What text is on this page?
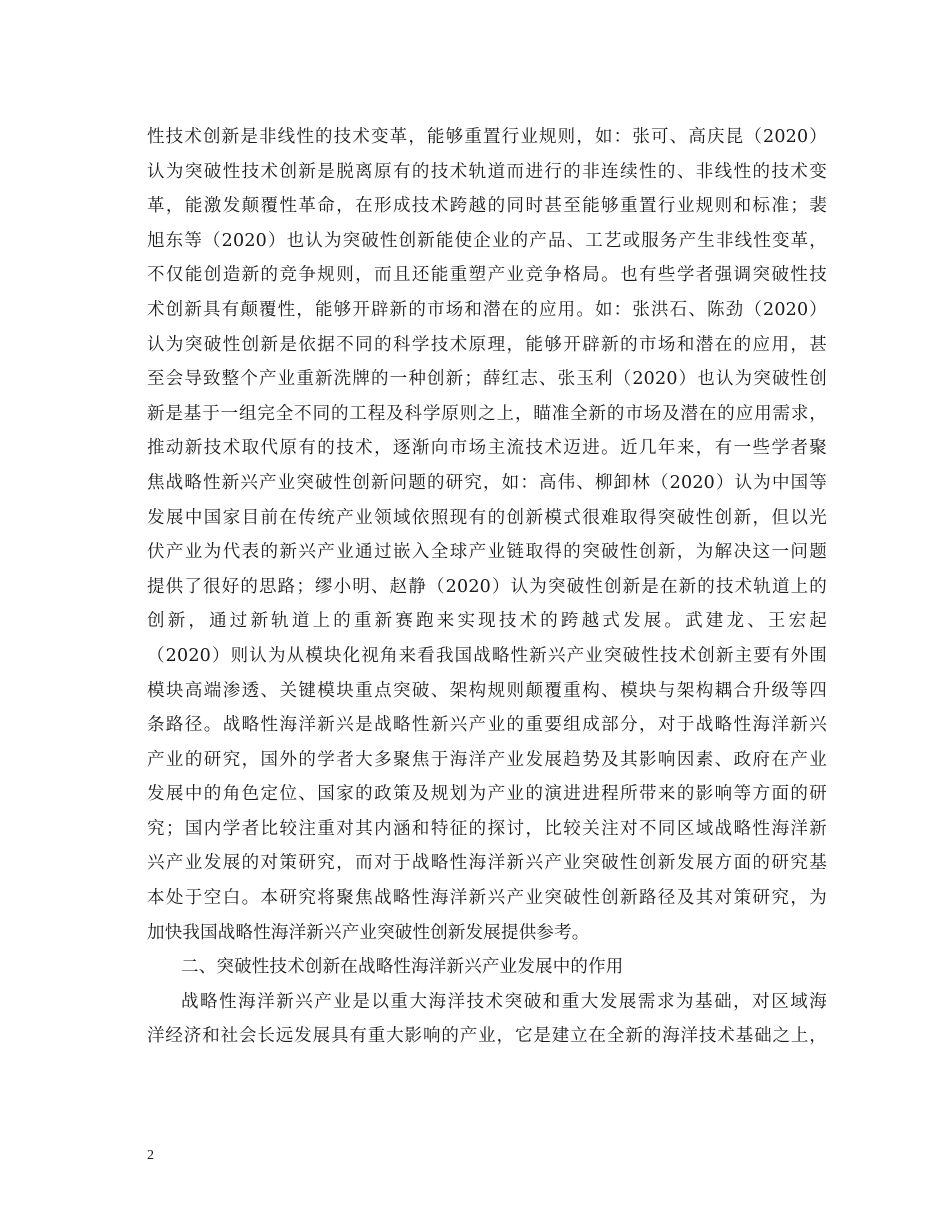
性技术创新是非线性的技术变革，能够重置行业规则，如：张可、高庆昆（2020）
认为突破性技术创新是脱离原有的技术轨道而进行的非连续性的、非线性的技术变
革，能激发颠覆性革命，在形成技术跨越的同时甚至能够重置行业规则和标准；裴
旭东等（2020）也认为突破性创新能使企业的产品、工艺或服务产生非线性变革，
不仅能创造新的竞争规则，而且还能重塑产业竞争格局。也有些学者强调突破性技
术创新具有颠覆性，能够开辟新的市场和潜在的应用。如：张洪石、陈劲（2020）
认为突破性创新是依据不同的科学技术原理，能够开辟新的市场和潜在的应用，甚
至会导致整个产业重新洗牌的一种创新；薛红志、张玉利（2020）也认为突破性创
新是基于一组完全不同的工程及科学原则之上，瞄准全新的市场及潜在的应用需求，
推动新技术取代原有的技术，逐渐向市场主流技术迈进。近几年来，有一些学者聚
焦战略性新兴产业突破性创新问题的研究，如：高伟、柳卸林（2020）认为中国等
发展中国家目前在传统产业领域依照现有的创新模式很难取得突破性创新，但以光
伏产业为代表的新兴产业通过嵌入全球产业链取得的突破性创新，为解决这一问题
提供了很好的思路；缪小明、赵静（2020）认为突破性创新是在新的技术轨道上的
创新，通过新轨道上的重新赛跑来实现技术的跨越式发展。武建龙、王宏起
（2020）则认为从模块化视角来看我国战略性新兴产业突破性技术创新主要有外围
模块高端渗透、关键模块重点突破、架构规则颠覆重构、模块与架构耦合升级等四
条路径。战略性海洋新兴是战略性新兴产业的重要组成部分，对于战略性海洋新兴
产业的研究，国外的学者大多聚焦于海洋产业发展趋势及其影响因素、政府在产业
发展中的角色定位、国家的政策及规划为产业的演进进程所带来的影响等方面的研
究；国内学者比较注重对其内涵和特征的探讨，比较关注对不同区域战略性海洋新
兴产业发展的对策研究，而对于战略性海洋新兴产业突破性创新发展方面的研究基
本处于空白。本研究将聚焦战略性海洋新兴产业突破性创新路径及其对策研究，为
加快我国战略性海洋新兴产业突破性创新发展提供参考。
二、突破性技术创新在战略性海洋新兴产业发展中的作用
战略性海洋新兴产业是以重大海洋技术突破和重大发展需求为基础，对区域海
洋经济和社会长远发展具有重大影响的产业，它是建立在全新的海洋技术基础之上，
2
